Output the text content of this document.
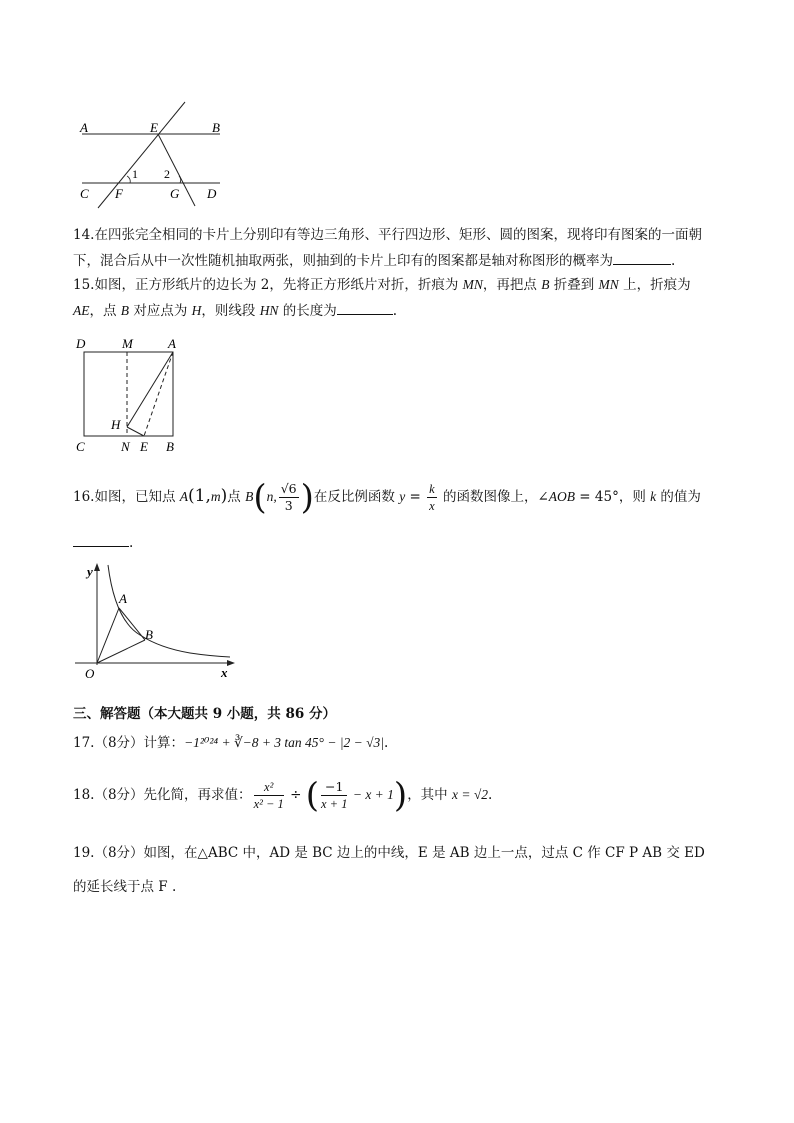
A	E	B
C F	G D
1 2
14.在四张完全相同的卡片上分别印有等边三角形、平行四边形、矩形、圆的图案，现将印有图案的一面朝
下，混合后从中一次性随机抽取两张，则抽到的卡片上印有的图案都是轴对称图形的概率为	.
15.如图，正方形纸片的边长为 2，先将正方形纸片对折，折痕为 MN，再把点 B 折叠到 MN 上，折痕为
AE，点 B 对应点为 H，则线段 HN 的长度为	.
D	M	A
H
C	N E B
16.如图，已知点 A(1,m)点 B(n, $\frac{√6}{3}$ )在反比例函数 $y = \frac{k}{x}$ 的函数图像上，∠AOB = 45°，则 k 的值为
.
y
x
O
A
B
三、解答题（本大题共 9 小题，共 86 分）
17.（8分）计算：−1²⁰²⁴ + ∛−8 + 3 tan 45° − |2 − √3|.
18.（8分）先化简，再求值： $\frac{\text{x²}}{\text{x² − 1}}$ ÷ ( $\frac{-1}{x + 1} - x + 1$)，其中 x = √2.
19.（8分）如图，在△ABC 中，AD 是 BC 边上的中线，E 是 AB 边上一点，过点 C 作 CF P AB 交 ED
的延长线于点 F .
